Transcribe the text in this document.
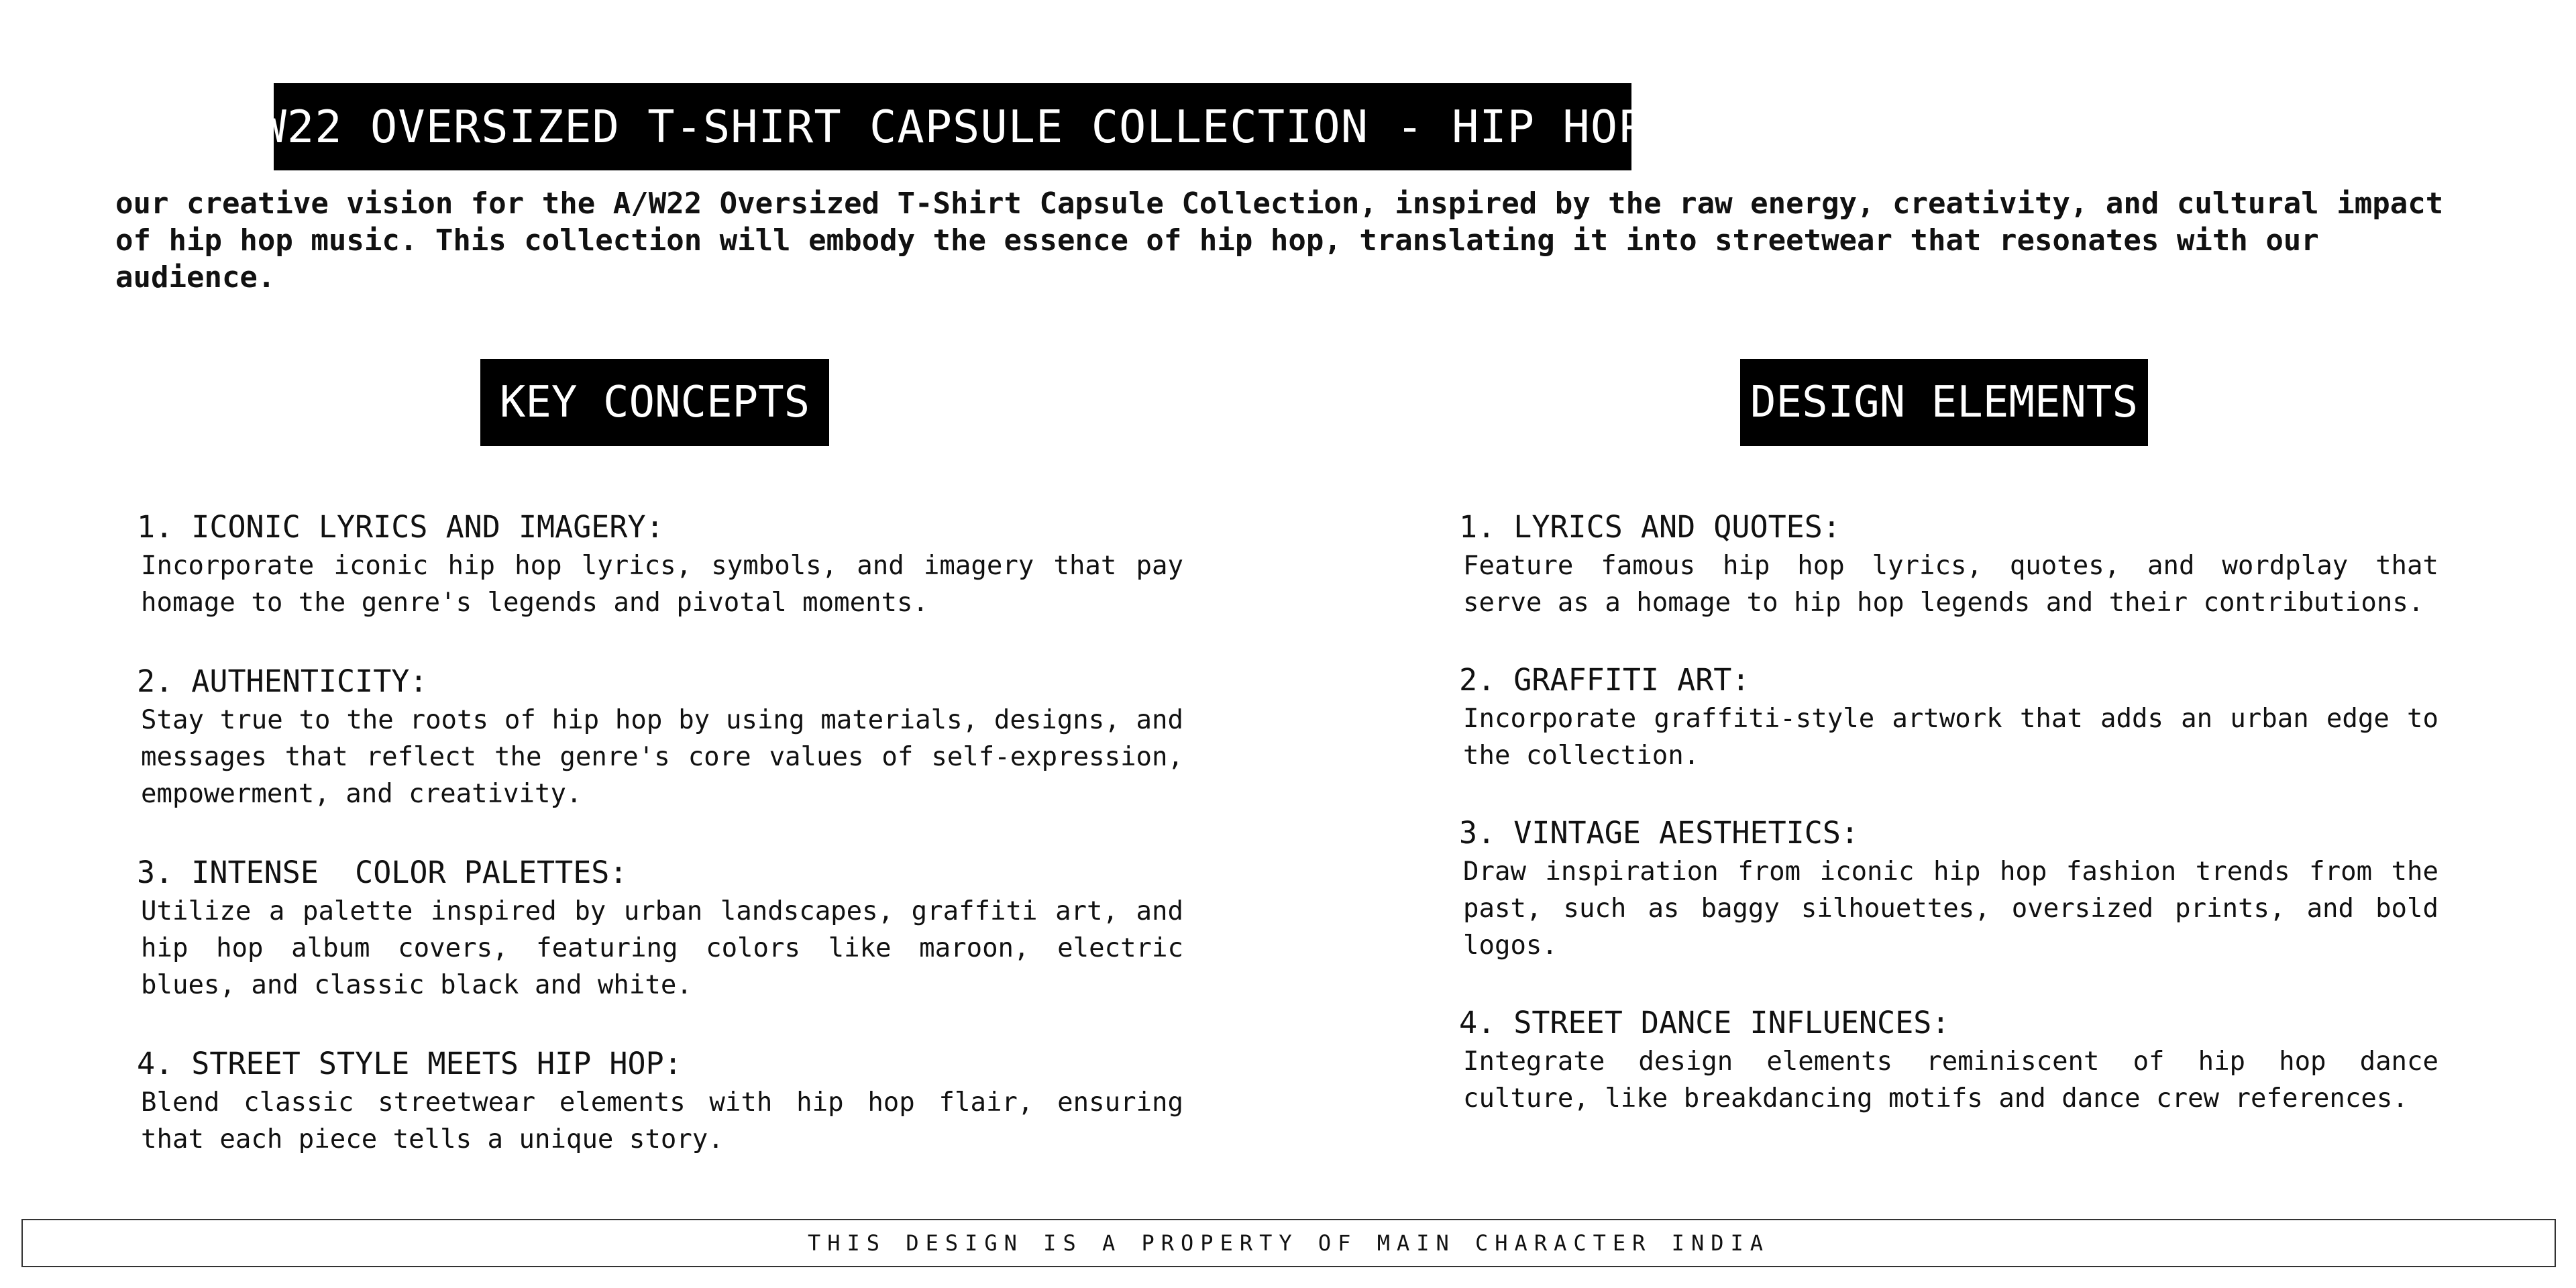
BRIEF: A/W22 OVERSIZED T-SHIRT CAPSULE COLLECTION - HIP HOP INSPIRED

our creative vision for the A/W22 Oversized T-Shirt Capsule Collection, inspired by the raw energy, creativity, and cultural impact of hip hop music. This collection will embody the essence of hip hop, translating it into streetwear that resonates with our audience.

KEY CONCEPTS	DESIGN ELEMENTS

1. ICONIC LYRICS AND IMAGERY:

Incorporate iconic hip hop lyrics, symbols, and imagery that pay homage to the genre's legends and pivotal moments.

2. AUTHENTICITY:

Stay true to the roots of hip hop by using materials, designs, and messages that reflect the genre's core values of self-expression, empowerment, and creativity.

3. INTENSE  COLOR PALETTES:

Utilize a palette inspired by urban landscapes, graffiti art, and hip hop album covers, featuring colors like maroon, electric blues, and classic black and white.

4. STREET STYLE MEETS HIP HOP:

Blend classic streetwear elements with hip hop flair, ensuring that each piece tells a unique story.

1. LYRICS AND QUOTES:

Feature famous hip hop lyrics, quotes, and wordplay that serve as a homage to hip hop legends and their contributions.

2. GRAFFITI ART:

Incorporate graffiti-style artwork that adds an urban edge to the collection.

3. VINTAGE AESTHETICS:

Draw inspiration from iconic hip hop fashion trends from the past, such as baggy silhouettes, oversized prints, and bold logos.

4. STREET DANCE INFLUENCES:

Integrate design elements reminiscent of hip hop dance culture, like breakdancing motifs and dance crew references.

THIS DESIGN IS A PROPERTY OF MAIN CHARACTER INDIA
